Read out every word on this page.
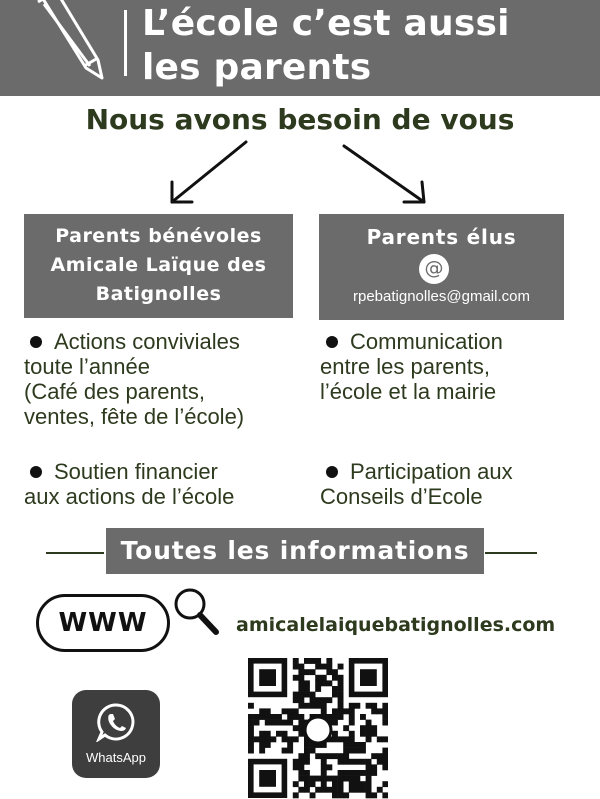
L’école c’est aussi
les parents
Nous avons besoin de vous
Parents bénévoles
Amicale Laïque des
Batignolles
Parents élus
@
rpebatignolles@gmail.com
Actions conviviales
toute l’année
(Café des parents,
ventes, fête de l’école)
Soutien financier
aux actions de l’école
Communication
entre les parents,
l’école et la mairie
Participation aux
Conseils d’Ecole
Toutes les informations
WWW	amicalelaiquebatignolles.com
WhatsApp
